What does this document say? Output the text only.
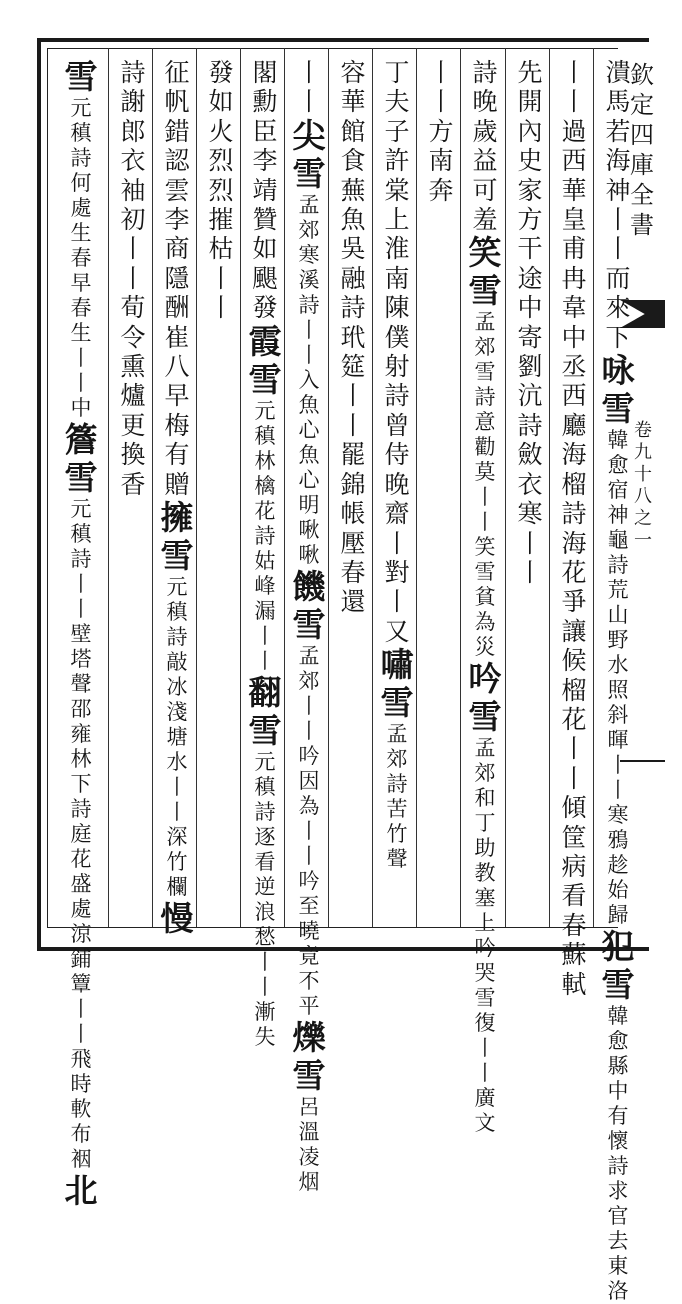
欽
定
四
庫
全
書
卷
九
十
八
之
一
潰
馬
若
海
神
丨
丨
而
來
下
咏
雪
韓
愈
宿
神
龜
詩
荒
山
野
水
照
斜
暉
丨
丨
寒
鴉
趁
始
歸
犯
雪
韓
愈
縣
中
有
懷
詩
求
官
去
東
洛
丨
丨
過
西
華
皇
甫
冉
韋
中
丞
西
廳
海
榴
詩
海
花
爭
讓
候
榴
花
丨
丨
傾
筐
病
看
春
蘇
軾
先
開
內
史
家
方
干
途
中
寄
劉
沆
詩
斂
衣
寒
丨
丨
詩
晚
歲
益
可
羞
笑
雪
孟
郊
雪
詩
意
勸
莫
丨
丨
笑
雪
貧
為
災
吟
雪
孟
郊
和
丁
助
教
塞
上
吟
哭
雪
復
丨
丨
廣
文
丨
丨
方
南
奔
丁
夫
子
許
棠
上
淮
南
陳
僕
射
詩
曾
侍
晚
齋
丨
對
丨
又
嘯
雪
孟
郊
詩
苦
竹
聲
容
華
館
食
蕪
魚
吳
融
詩
玳
筵
丨
丨
罷
錦
帳
壓
春
還
丨
丨
尖
雪
孟
郊
寒
溪
詩
丨
丨
入
魚
心
魚
心
明
啾
啾
饑
雪
孟
郊
丨
丨
吟
因
為
丨
丨
吟
至
曉
竟
不
平
爍
雪
呂
溫
凌
烟
閣
勳
臣
李
靖
贊
如
颶
發
霞
雪
元
稹
林
檎
花
詩
姑
峰
漏
丨
丨
翻
雪
元
稹
詩
逐
看
逆
浪
愁
丨
丨
漸
失
發
如
火
烈
烈
摧
枯
丨
丨
征
帆
錯
認
雲
李
商
隱
酬
崔
八
早
梅
有
贈
擁
雪
元
稹
詩
敲
冰
淺
塘
水
丨
丨
深
竹
欄
慢
詩
謝
郎
衣
袖
初
丨
丨
荀
令
熏
爐
更
換
香
雪
元
稹
詩
何
處
生
春
早
春
生
丨
丨
中
簷
雪
元
稹
詩
丨
丨
壁
塔
聲
邵
雍
林
下
詩
庭
花
盛
處
涼
鋪
簟
丨
丨
飛
時
軟
布
裀
北
